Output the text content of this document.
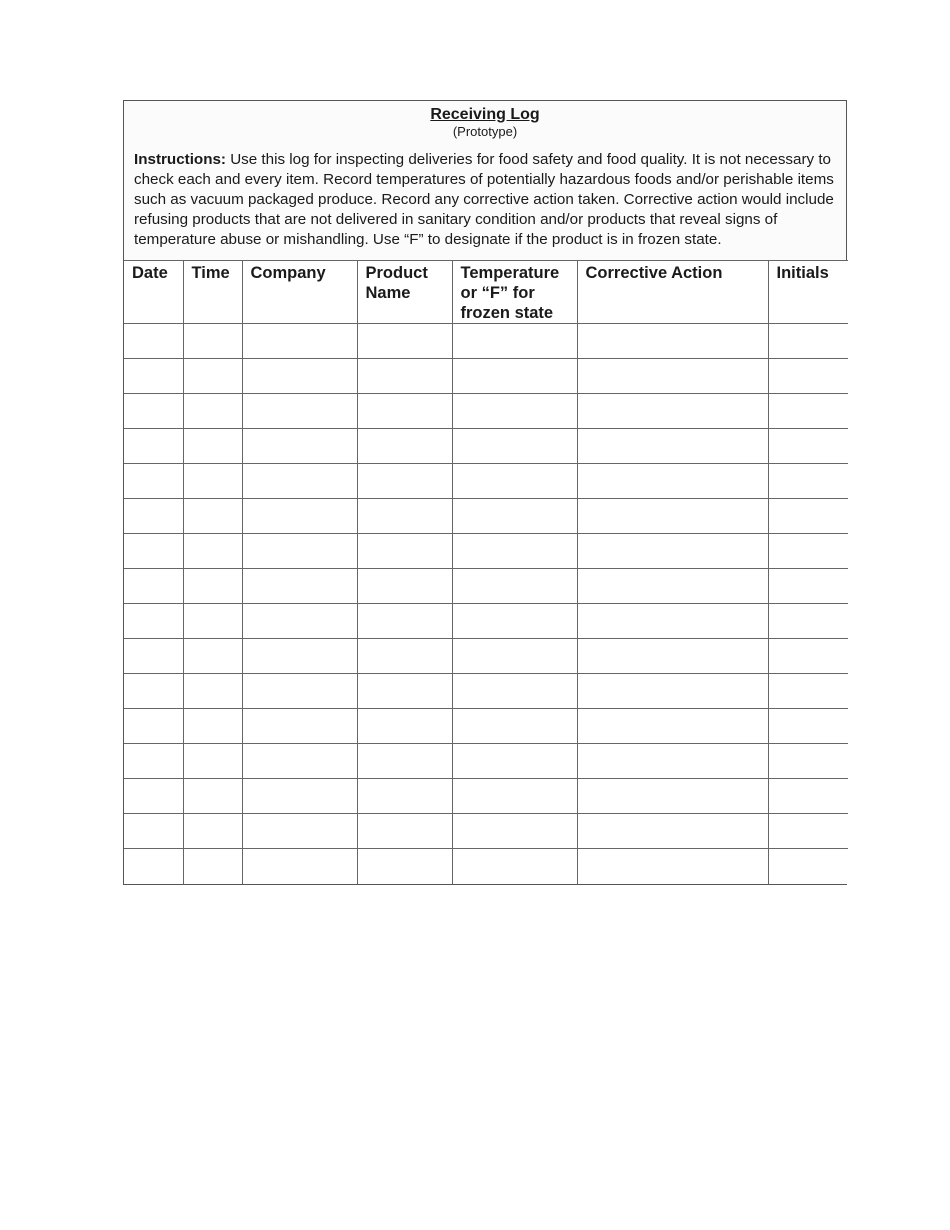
Receiving Log

(Prototype)

Instructions: Use this log for inspecting deliveries for food safety and food quality. It is not necessary to check each and every item. Record temperatures of potentially hazardous foods and/or perishable items such as vacuum packaged produce. Record any corrective action taken. Corrective action would include refusing products that are not delivered in sanitary condition and/or products that reveal signs of temperature abuse or mishandling. Use “F” to designate if the product is in frozen state.

Date	Time	Company	Product Name	Temperature or “F” for frozen state	Corrective Action	Initials
